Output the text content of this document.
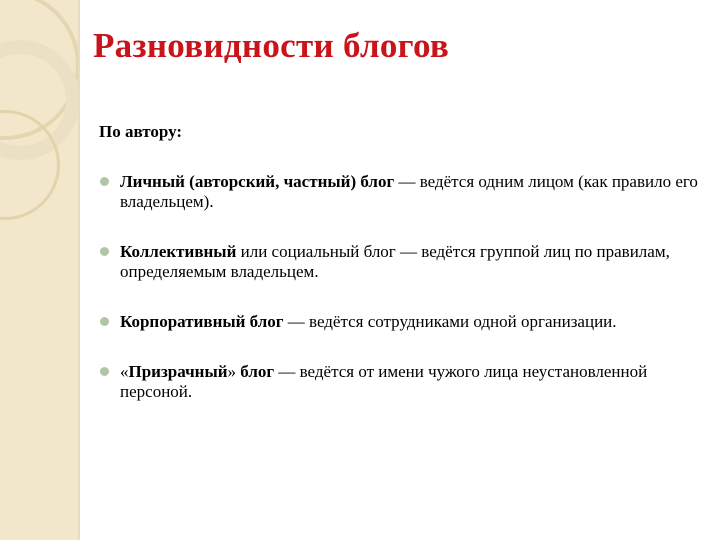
Разновидности блогов

По автору:

Личный (авторский, частный) блог — ведётся одним лицом (как правило его владельцем).
Коллективный или социальный блог — ведётся группой лиц по правилам, определяемым владельцем.
Корпоративный блог — ведётся сотрудниками одной организации.
«Призрачный» блог — ведётся от имени чужого лица неустановленной персоной.
